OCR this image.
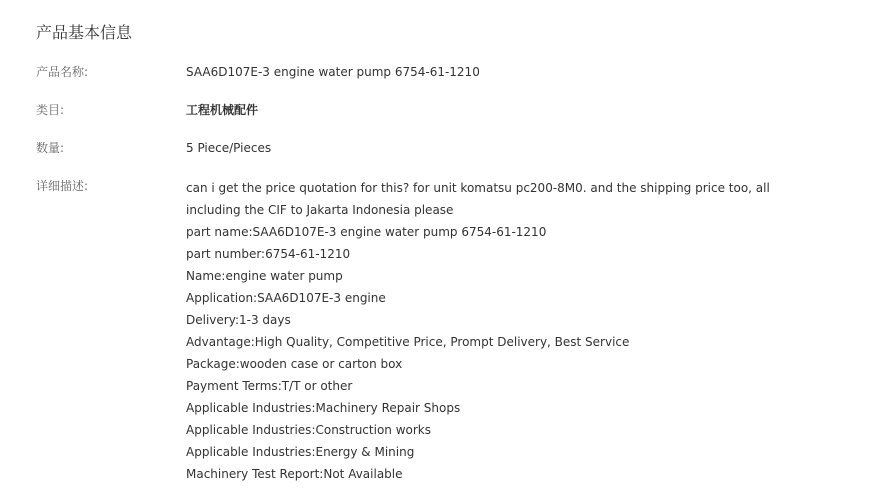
产品基本信息
产品名称:	SAA6D107E-3 engine water pump 6754-61-1210
类目:	工程机械配件
数量:	5 Piece/Pieces
详细描述:	can i get the price quotation for this? for unit komatsu pc200-8M0. and the shipping price too, all
including the CIF to Jakarta Indonesia please
part name:SAA6D107E-3 engine water pump 6754-61-1210
part number:6754-61-1210
Name:engine water pump
Application:SAA6D107E-3 engine
Delivery:1-3 days
Advantage:High Quality, Competitive Price, Prompt Delivery, Best Service
Package:wooden case or carton box
Payment Terms:T/T or other
Applicable Industries:Machinery Repair Shops
Applicable Industries:Construction works
Applicable Industries:Energy & Mining
Machinery Test Report:Not Available
